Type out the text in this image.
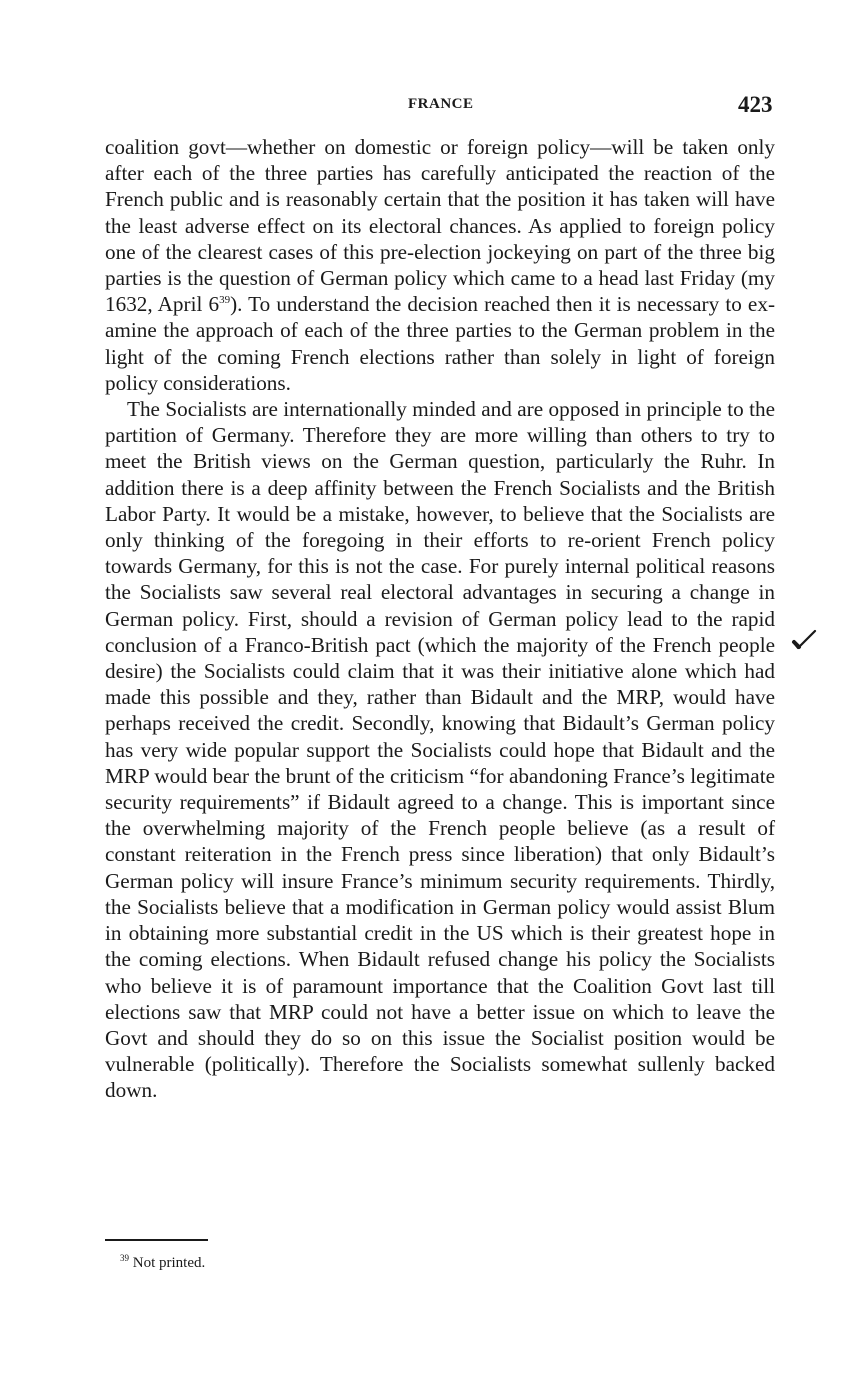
FRANCE	423

coalition govt—whether on domestic or foreign policy—will be taken only after each of the three parties has carefully anticipated the reaction of the French public and is reasonably certain that the position it has taken will have the least adverse effect on its electoral chances. As applied to foreign policy one of the clearest cases of this pre-election jockeying on part of the three big parties is the question of German policy which came to a head last Friday (my 1632, April 6$^{39}$). To understand the decision reached then it is necessary to examine the approach of each of the three parties to the German problem in the light of the coming French elections rather than solely in light of foreign policy considerations.

The Socialists are internationally minded and are opposed in principle to the partition of Germany. Therefore they are more willing than others to try to meet the British views on the German question, particularly the Ruhr. In addition there is a deep affinity between the French Socialists and the British Labor Party. It would be a mistake, however, to believe that the Socialists are only thinking of the foregoing in their efforts to re-orient French policy towards Germany, for this is not the case. For purely internal political reasons the Socialists saw several real electoral advantages in securing a change in German policy. First, should a revision of German policy lead to the rapid conclusion of a Franco-British pact (which the majority of the French people desire) the Socialists could claim that it was their initiative alone which had made this possible and they, rather than Bidault and the MRP, would have perhaps received the credit. Secondly, knowing that Bidault’s German policy has very wide popular support the Socialists could hope that Bidault and the MRP would bear the brunt of the criticism “for abandoning France’s legitimate security requirements” if Bidault agreed to a change. This is important since the overwhelming majority of the French people believe (as a result of constant reiteration in the French press since liberation) that only Bidault’s German policy will insure France’s minimum security requirements. Thirdly, the Socialists believe that a modification in German policy would assist Blum in obtaining more substantial credit in the US which is their greatest hope in the coming elections. When Bidault refused change his policy the Socialists who believe it is of paramount importance that the Coalition Govt last till elections saw that MRP could not have a better issue on which to leave the Govt and should they do so on this issue the Socialist position would be vulnerable (politically). Therefore the Socialists somewhat sullenly backed down.

$^{39}$ Not printed.
